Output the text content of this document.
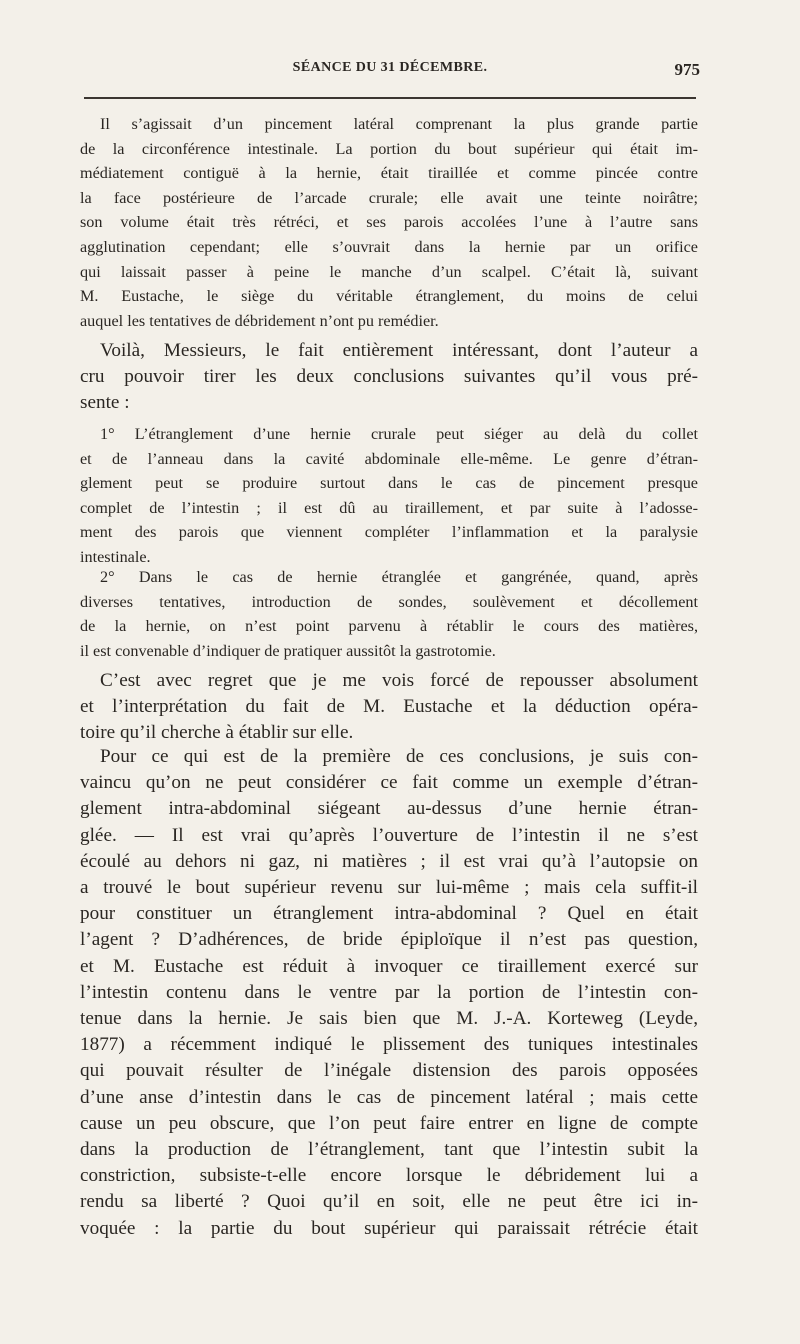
SÉANCE DU 31 DÉCEMBRE.	975
Il s’agissait d’un pincement latéral comprenant la plus grande partie
de la circonférence intestinale. La portion du bout supérieur qui était im-
médiatement contiguë à la hernie, était tiraillée et comme pincée contre
la face postérieure de l’arcade crurale; elle avait une teinte noirâtre;
son volume était très rétréci, et ses parois accolées l’une à l’autre sans
agglutination cependant; elle s’ouvrait dans la hernie par un orifice
qui laissait passer à peine le manche d’un scalpel. C’était là, suivant
M. Eustache, le siège du véritable étranglement, du moins de celui
auquel les tentatives de débridement n’ont pu remédier.
Voilà, Messieurs, le fait entièrement intéressant, dont l’auteur a
cru pouvoir tirer les deux conclusions suivantes qu’il vous pré-
sente :
1° L’étranglement d’une hernie crurale peut siéger au delà du collet
et de l’anneau dans la cavité abdominale elle-même. Le genre d’étran-
glement peut se produire surtout dans le cas de pincement presque
complet de l’intestin ; il est dû au tiraillement, et par suite à l’adosse-
ment des parois que viennent compléter l’inflammation et la paralysie
intestinale.
2° Dans le cas de hernie étranglée et gangrénée, quand, après
diverses tentatives, introduction de sondes, soulèvement et décollement
de la hernie, on n’est point parvenu à rétablir le cours des matières,
il est convenable d’indiquer de pratiquer aussitôt la gastrotomie.
C’est avec regret que je me vois forcé de repousser absolument
et l’interprétation du fait de M. Eustache et la déduction opéra-
toire qu’il cherche à établir sur elle.
Pour ce qui est de la première de ces conclusions, je suis con-
vaincu qu’on ne peut considérer ce fait comme un exemple d’étran-
glement intra-abdominal siégeant au-dessus d’une hernie étran-
glée. — Il est vrai qu’après l’ouverture de l’intestin il ne s’est
écoulé au dehors ni gaz, ni matières ; il est vrai qu’à l’autopsie on
a trouvé le bout supérieur revenu sur lui-même ; mais cela suffit-il
pour constituer un étranglement intra-abdominal ? Quel en était
l’agent ? D’adhérences, de bride épiploïque il n’est pas question,
et M. Eustache est réduit à invoquer ce tiraillement exercé sur
l’intestin contenu dans le ventre par la portion de l’intestin con-
tenue dans la hernie. Je sais bien que M. J.-A. Korteweg (Leyde,
1877) a récemment indiqué le plissement des tuniques intestinales
qui pouvait résulter de l’inégale distension des parois opposées
d’une anse d’intestin dans le cas de pincement latéral ; mais cette
cause un peu obscure, que l’on peut faire entrer en ligne de compte
dans la production de l’étranglement, tant que l’intestin subit la
constriction, subsiste-t-elle encore lorsque le débridement lui a
rendu sa liberté ? Quoi qu’il en soit, elle ne peut être ici in-
voquée : la partie du bout supérieur qui paraissait rétrécie était
